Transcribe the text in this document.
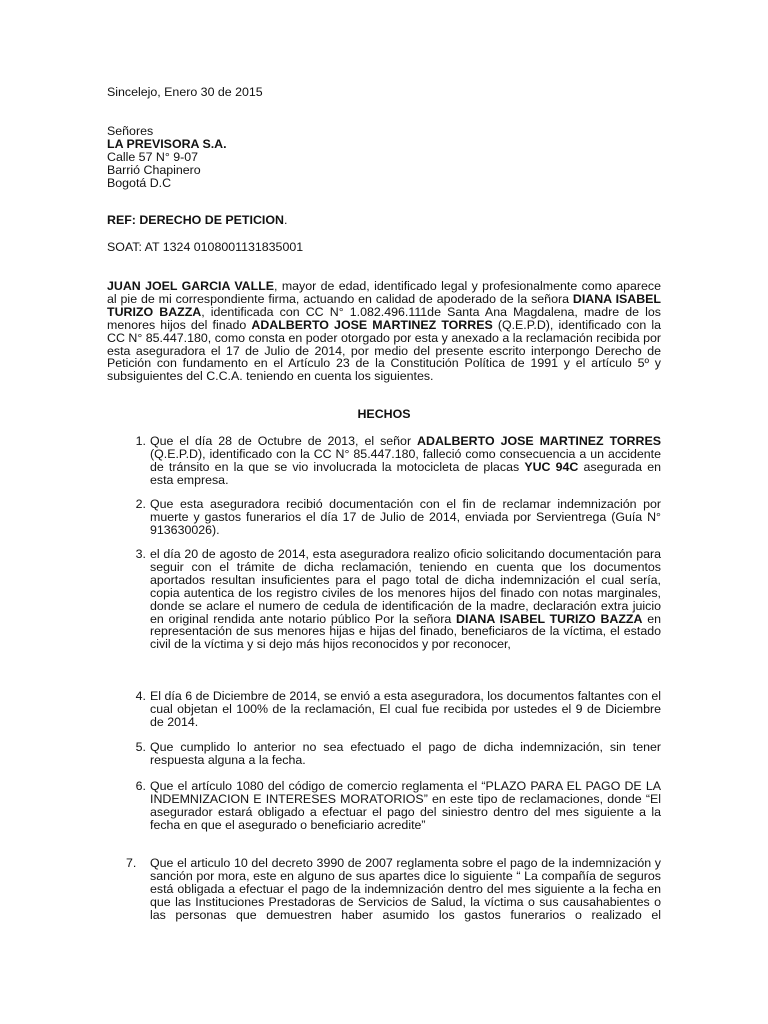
Sincelejo, Enero 30 de 2015
Señores
LA PREVISORA S.A.
Calle 57 N° 9-07
Barrió Chapinero
Bogotá D.C
REF: DERECHO DE PETICION.
SOAT: AT 1324 0108001131835001
JUAN JOEL GARCIA VALLE, mayor de edad, identificado legal y profesionalmente como aparece al pie de mi correspondiente firma, actuando en calidad de apoderado de la señora DIANA ISABEL TURIZO BAZZA, identificada con CC N° 1.082.496.111de Santa Ana Magdalena, madre de los menores hijos del finado ADALBERTO JOSE MARTINEZ TORRES (Q.E.P.D), identificado con la CC N° 85.447.180, como consta en poder otorgado por esta y anexado a la reclamación recibida por esta aseguradora el 17 de Julio de 2014, por medio del presente escrito interpongo Derecho de Petición con fundamento en el Artículo 23 de la Constitución Política de 1991 y el artículo 5º y subsiguientes del C.C.A. teniendo en cuenta los siguientes.
HECHOS
1. Que el día 28 de Octubre de 2013, el señor ADALBERTO JOSE MARTINEZ TORRES (Q.E.P.D), identificado con la CC N° 85.447.180, falleció como consecuencia a un accidente de tránsito en la que se vio involucrada la motocicleta de placas YUC 94C asegurada en esta empresa.
2. Que esta aseguradora recibió documentación con el fin de reclamar indemnización por muerte y gastos funerarios el día 17 de Julio de 2014, enviada por Servientrega (Guía N° 913630026).
3. el día 20 de agosto de 2014, esta aseguradora realizo oficio solicitando documentación para seguir con el trámite de dicha reclamación, teniendo en cuenta que los documentos aportados resultan insuficientes para el pago total de dicha indemnización el cual sería, copia autentica de los registro civiles de los menores hijos del finado con notas marginales, donde se aclare el numero de cedula de identificación de la madre, declaración extra juicio en original rendida ante notario público Por la señora DIANA ISABEL TURIZO BAZZA en representación de sus menores hijas e hijas del finado, beneficiaros de la víctima, el estado civil de la víctima y si dejo más hijos reconocidos y por reconocer,
4. El día 6 de Diciembre de 2014, se envió a esta aseguradora, los documentos faltantes con el cual objetan el 100% de la reclamación, El cual fue recibida por ustedes el 9 de Diciembre de 2014.
5. Que cumplido lo anterior no sea efectuado el pago de dicha indemnización, sin tener respuesta alguna a la fecha.
6. Que el artículo 1080 del código de comercio reglamenta el “PLAZO PARA EL PAGO DE LA INDEMNIZACION E INTERESES MORATORIOS” en este tipo de reclamaciones, donde “El asegurador estará obligado a efectuar el pago del siniestro dentro del mes siguiente a la fecha en que el asegurado o beneficiario acredite”
7.	Que el articulo 10 del decreto 3990 de 2007 reglamenta sobre el pago de la indemnización y sanción por mora, este en alguno de sus apartes dice lo siguiente “ La compañía de seguros está obligada a efectuar el pago de la indemnización dentro del mes siguiente a la fecha en que las Instituciones Prestadoras de Servicios de Salud, la víctima o sus causahabientes o las personas que demuestren haber asumido los gastos funerarios o realizado el
